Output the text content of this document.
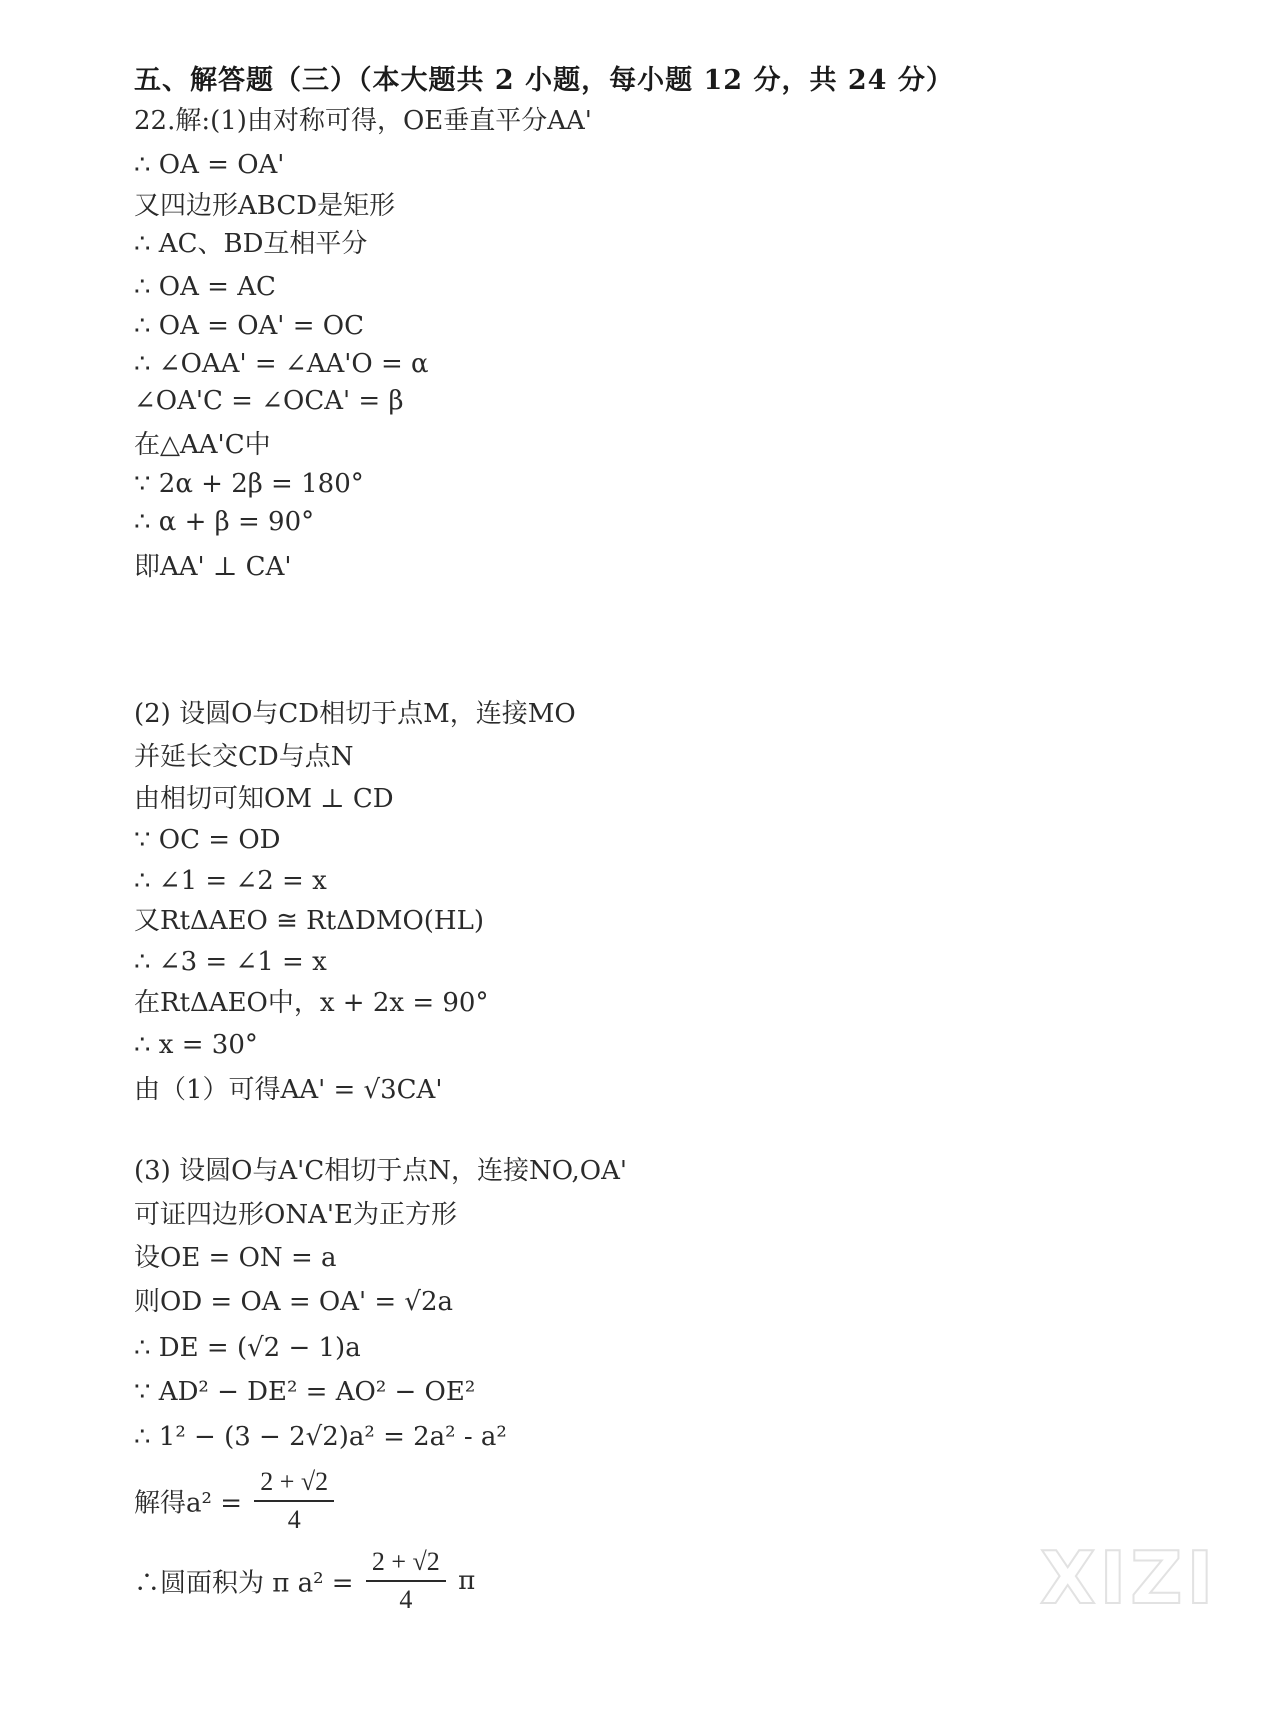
五、解答题（三）（本大题共 2 小题，每小题 12 分，共 24 分）
22.解:(1)由对称可得，OE垂直平分AA'
∴ OA = OA'
又四边形ABCD是矩形
∴ AC、BD互相平分
∴ OA = AC
∴ OA = OA' = OC
∴ ∠OAA' = ∠AA'O = α
∠OA'C = ∠OCA' = β
在△AA'C中
∵ 2α + 2β = 180°
∴ α + β = 90°
即AA' ⊥ CA'
(2) 设圆O与CD相切于点M，连接MO
并延长交CD与点N
由相切可知OM ⊥ CD
∵ OC = OD
∴ ∠1 = ∠2 = x
又RtΔAEO ≅ RtΔDMO(HL)
∴ ∠3 = ∠1 = x
在RtΔAEO中，x + 2x = 90°
∴ x = 30°
由（1）可得AA' = √3CA'
(3) 设圆O与A'C相切于点N，连接NO,OA'
可证四边形ONA'E为正方形
设OE = ON = a
则OD = OA = OA' = √2a
∴ DE = (√2 − 1)a
∵ AD² − DE² = AO² − OE²
∴ 1² − (3 − 2√2)a² = 2a² - a²
解得$a^2 = \frac{2 + √2}{4}$
∴圆面积为 π $a^2 = \frac{2 + √2}{4}$ π	XIZI
